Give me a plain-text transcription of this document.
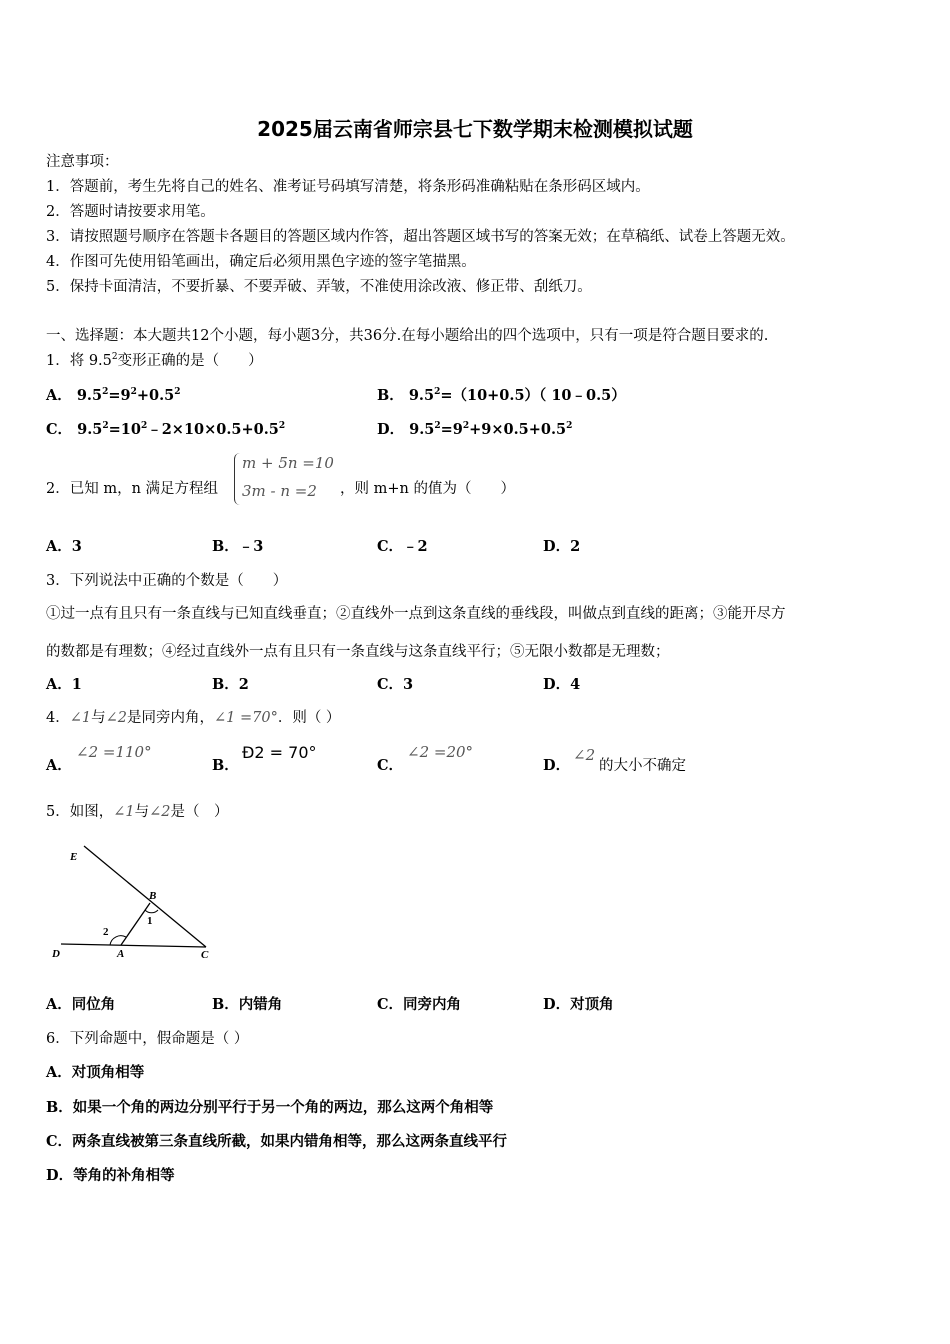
2025届云南省师宗县七下数学期末检测模拟试题
注意事项：
1．答题前，考生先将自己的姓名、准考证号码填写清楚，将条形码准确粘贴在条形码区域内。
2．答题时请按要求用笔。
3．请按照题号顺序在答题卡各题目的答题区域内作答，超出答题区域书写的答案无效；在草稿纸、试卷上答题无效。
4．作图可先使用铅笔画出，确定后必须用黑色字迹的签字笔描黑。
5．保持卡面清洁，不要折暴、不要弄破、弄皱，不准使用涂改液、修正带、刮纸刀。
一、选择题：本大题共12个小题，每小题3分，共36分.在每小题给出的四个选项中，只有一项是符合题目要求的.
1．将 $9.5^2$变形正确的是（　　）
A． $9.5^2=9^2+0.5^2$	B． $9.5^2=(10+0.5)$（ 10﹣0.5）
C． $9.5^2=10^2﹣2\times 10\times 0.5+0.5^2$	D． $9.5^2=9^2+9\times 0.5+0.5^2$
2．已知 m，n 满足方程组
m + 5n =10
3m - n =2 ，则 m+n 的值为（　　）
A．3	B．﹣3	C．﹣2	D．2
3．下列说法中正确的个数是（　　）
①过一点有且只有一条直线与已知直线垂直；②直线外一点到这条直线的垂线段，叫做点到直线的距离；③能开尽方
的数都是有理数；④经过直线外一点有且只有一条直线与这条直线平行；⑤无限小数都是无理数；
A．1	B．2	C．3	D．4
4．∠1与∠2是同旁内角，∠1 =70°．则（ ）
A．
∠2 =110°
B．
Ð2 = 70°
C．
∠2 =20°
D．
∠2
的大小不确定
5．如图，∠1与∠2是（　）
E
B
D	A	C
1
2
A．同位角	B．内错角	C．同旁内角	D．对顶角
6．下列命题中，假命题是（ ）
A．对顶角相等
B．如果一个角的两边分别平行于另一个角的两边，那么这两个角相等
C．两条直线被第三条直线所截，如果内错角相等，那么这两条直线平行
D．等角的补角相等
